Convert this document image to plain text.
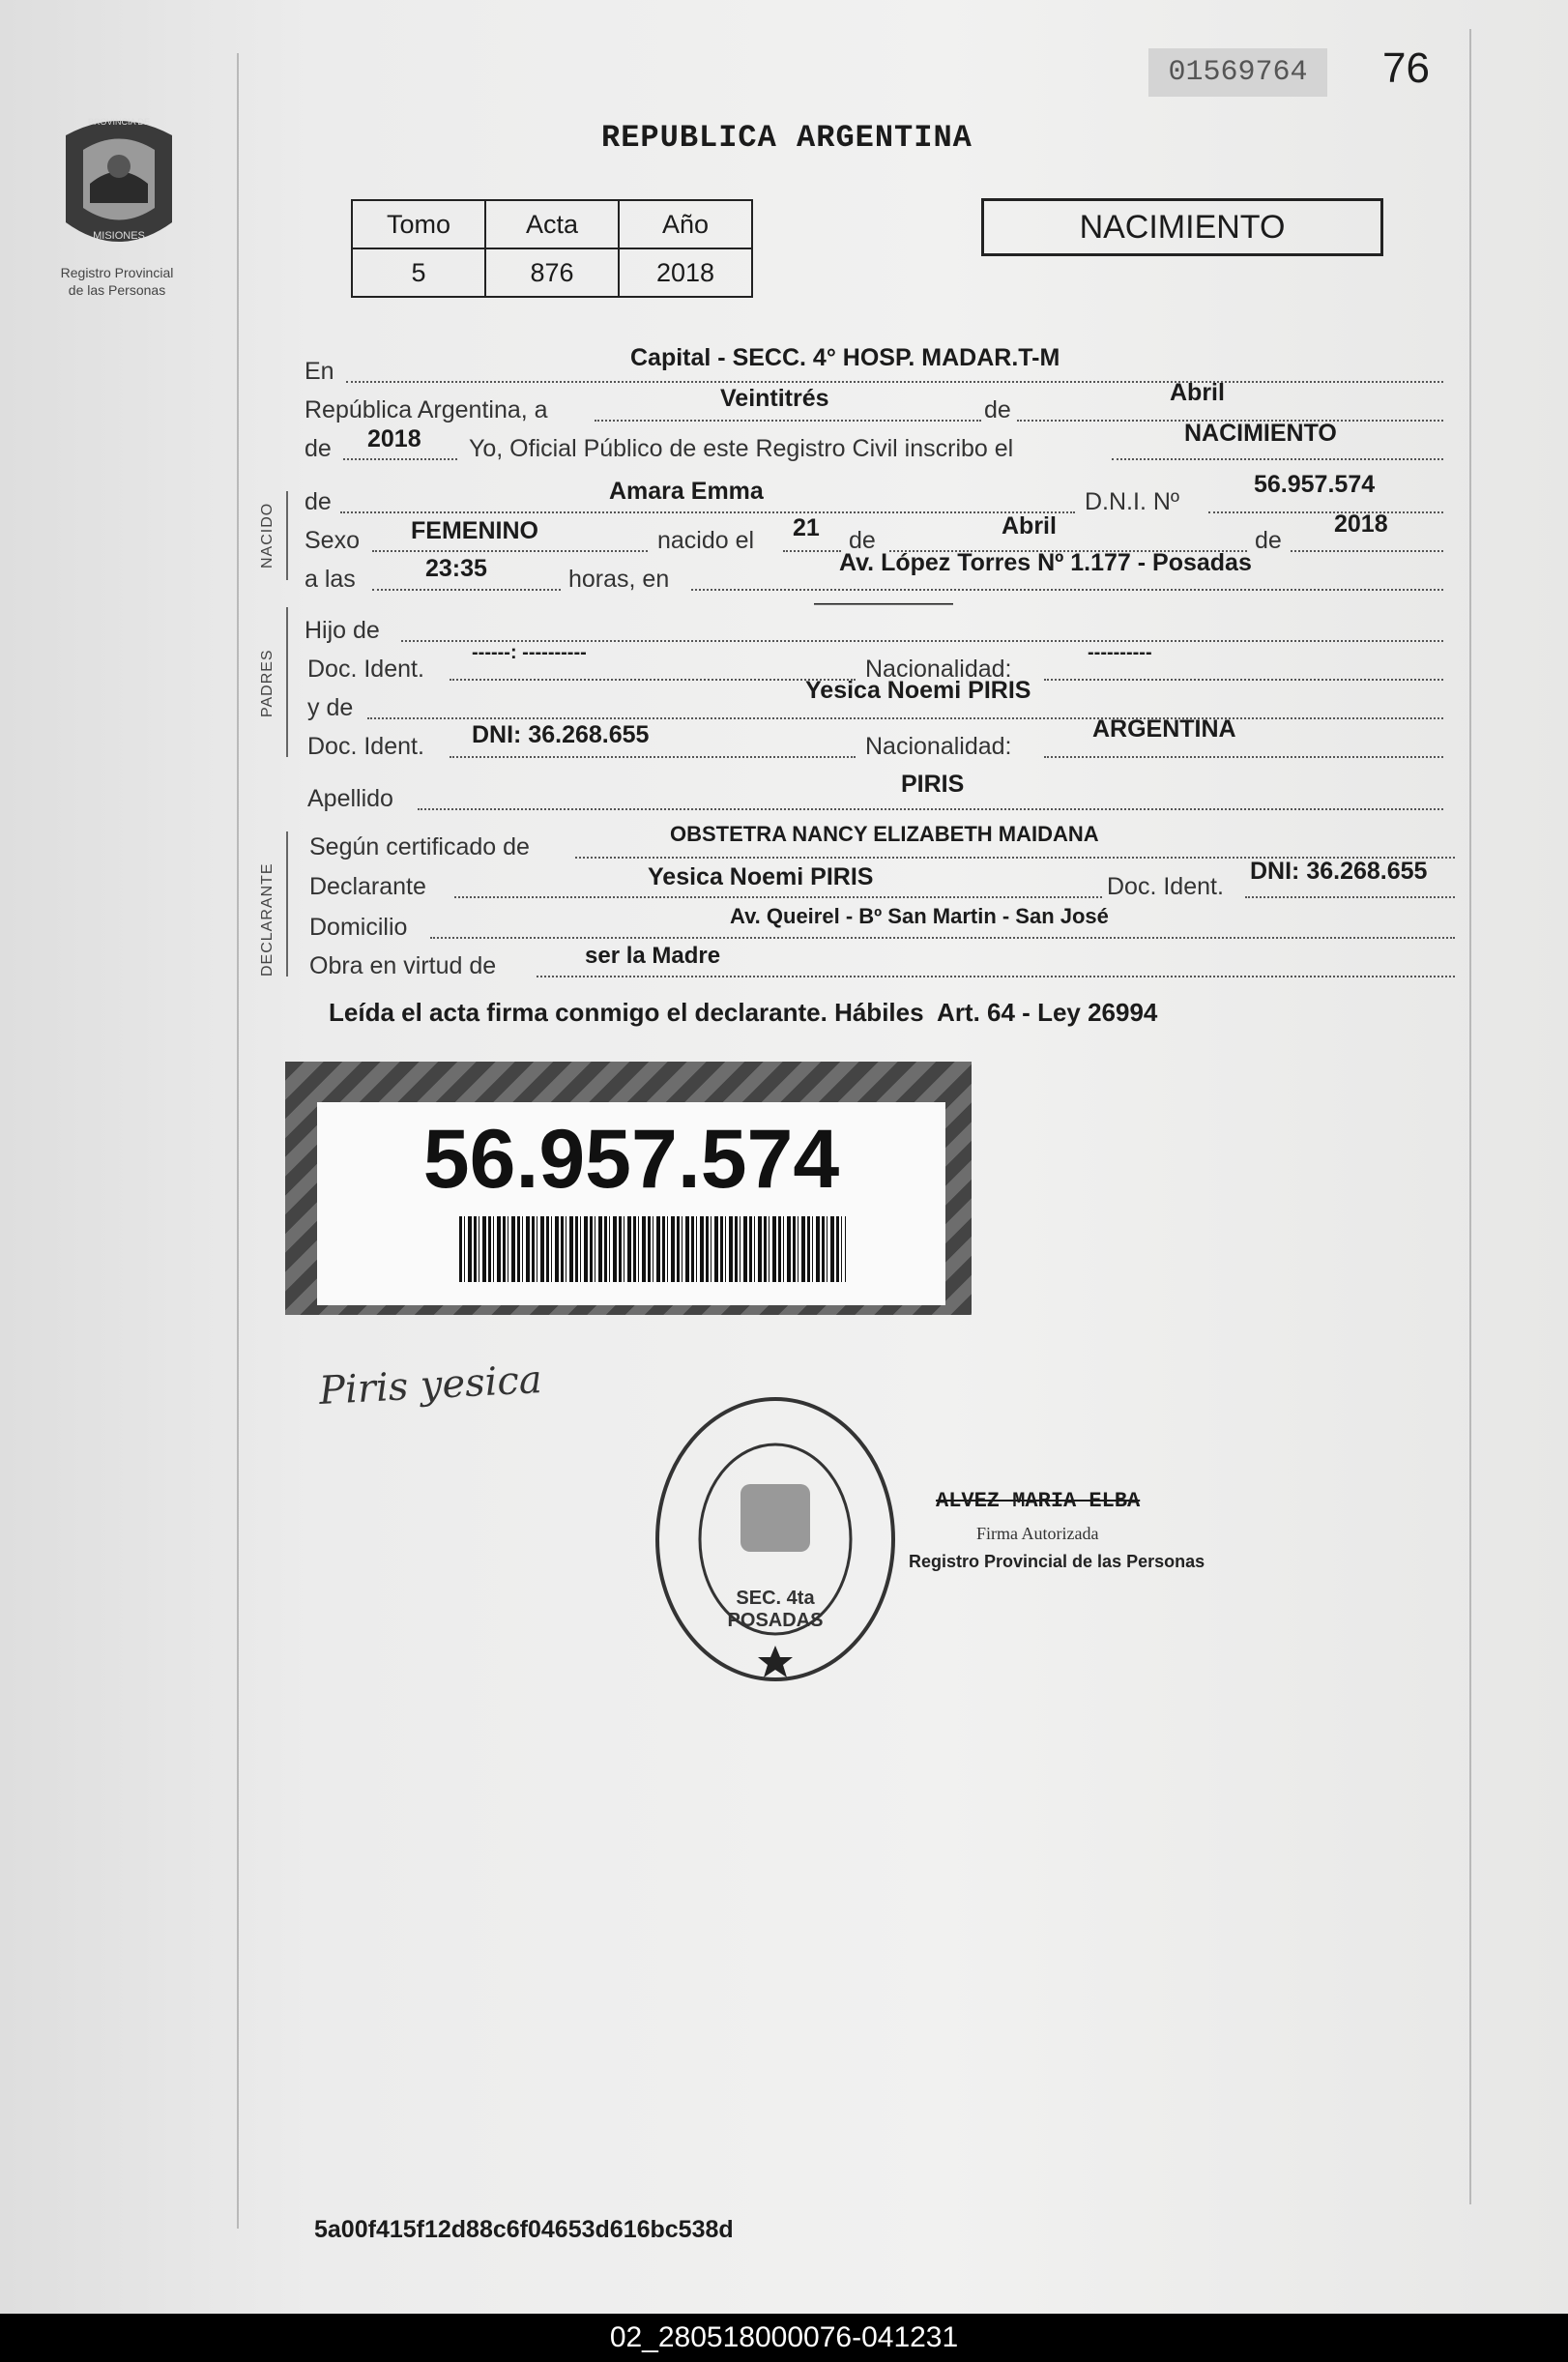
PROVINCIA DE
MISIONES
Registro Provincial
de las Personas
01569764	76
REPUBLICA ARGENTINA
Tomo	Acta	Año
5	876	2018
NACIMIENTO
NACIDO
PADRES
DECLARANTE
En	Capital - SECC. 4° HOSP. MADAR.T-M
República Argentina, a	Veintitrés	de
Abril
de 2018 Yo, Oficial Público de este Registro Civil inscribo el
NACIMIENTO
de	Amara Emma	D.N.I. Nº
56.957.574
Sexo FEMENINO	nacido el 21 de
Abril
de
2018
a las	23:35	horas, en
Av. López Torres Nº 1.177 - Posadas
Hijo de
—————————
Doc. Ident.
------: ----------
Nacionalidad:
----------
y de
Yesica Noemi PIRIS
Doc. Ident. DNI: 36.268.655	Nacionalidad:
ARGENTINA
Apellido
PIRIS
Según certificado de	OBSTETRA NANCY ELIZABETH MAIDANA
Declarante	Yesica Noemi PIRIS	Doc. Ident.
DNI: 36.268.655
Domicilio	Av. Queirel - Bº San Martin - San José
Obra en virtud de	ser la Madre
Leída el acta firma conmigo el declarante. Hábiles  Art. 64 - Ley 26994
56.957.574
Piris yesica
SEC. 4ta POSADAS
ALVEZ MARIA ELBA
Firma Autorizada
Registro Provincial de las Personas
5a00f415f12d88c6f04653d616bc538d
02_280518000076-041231
